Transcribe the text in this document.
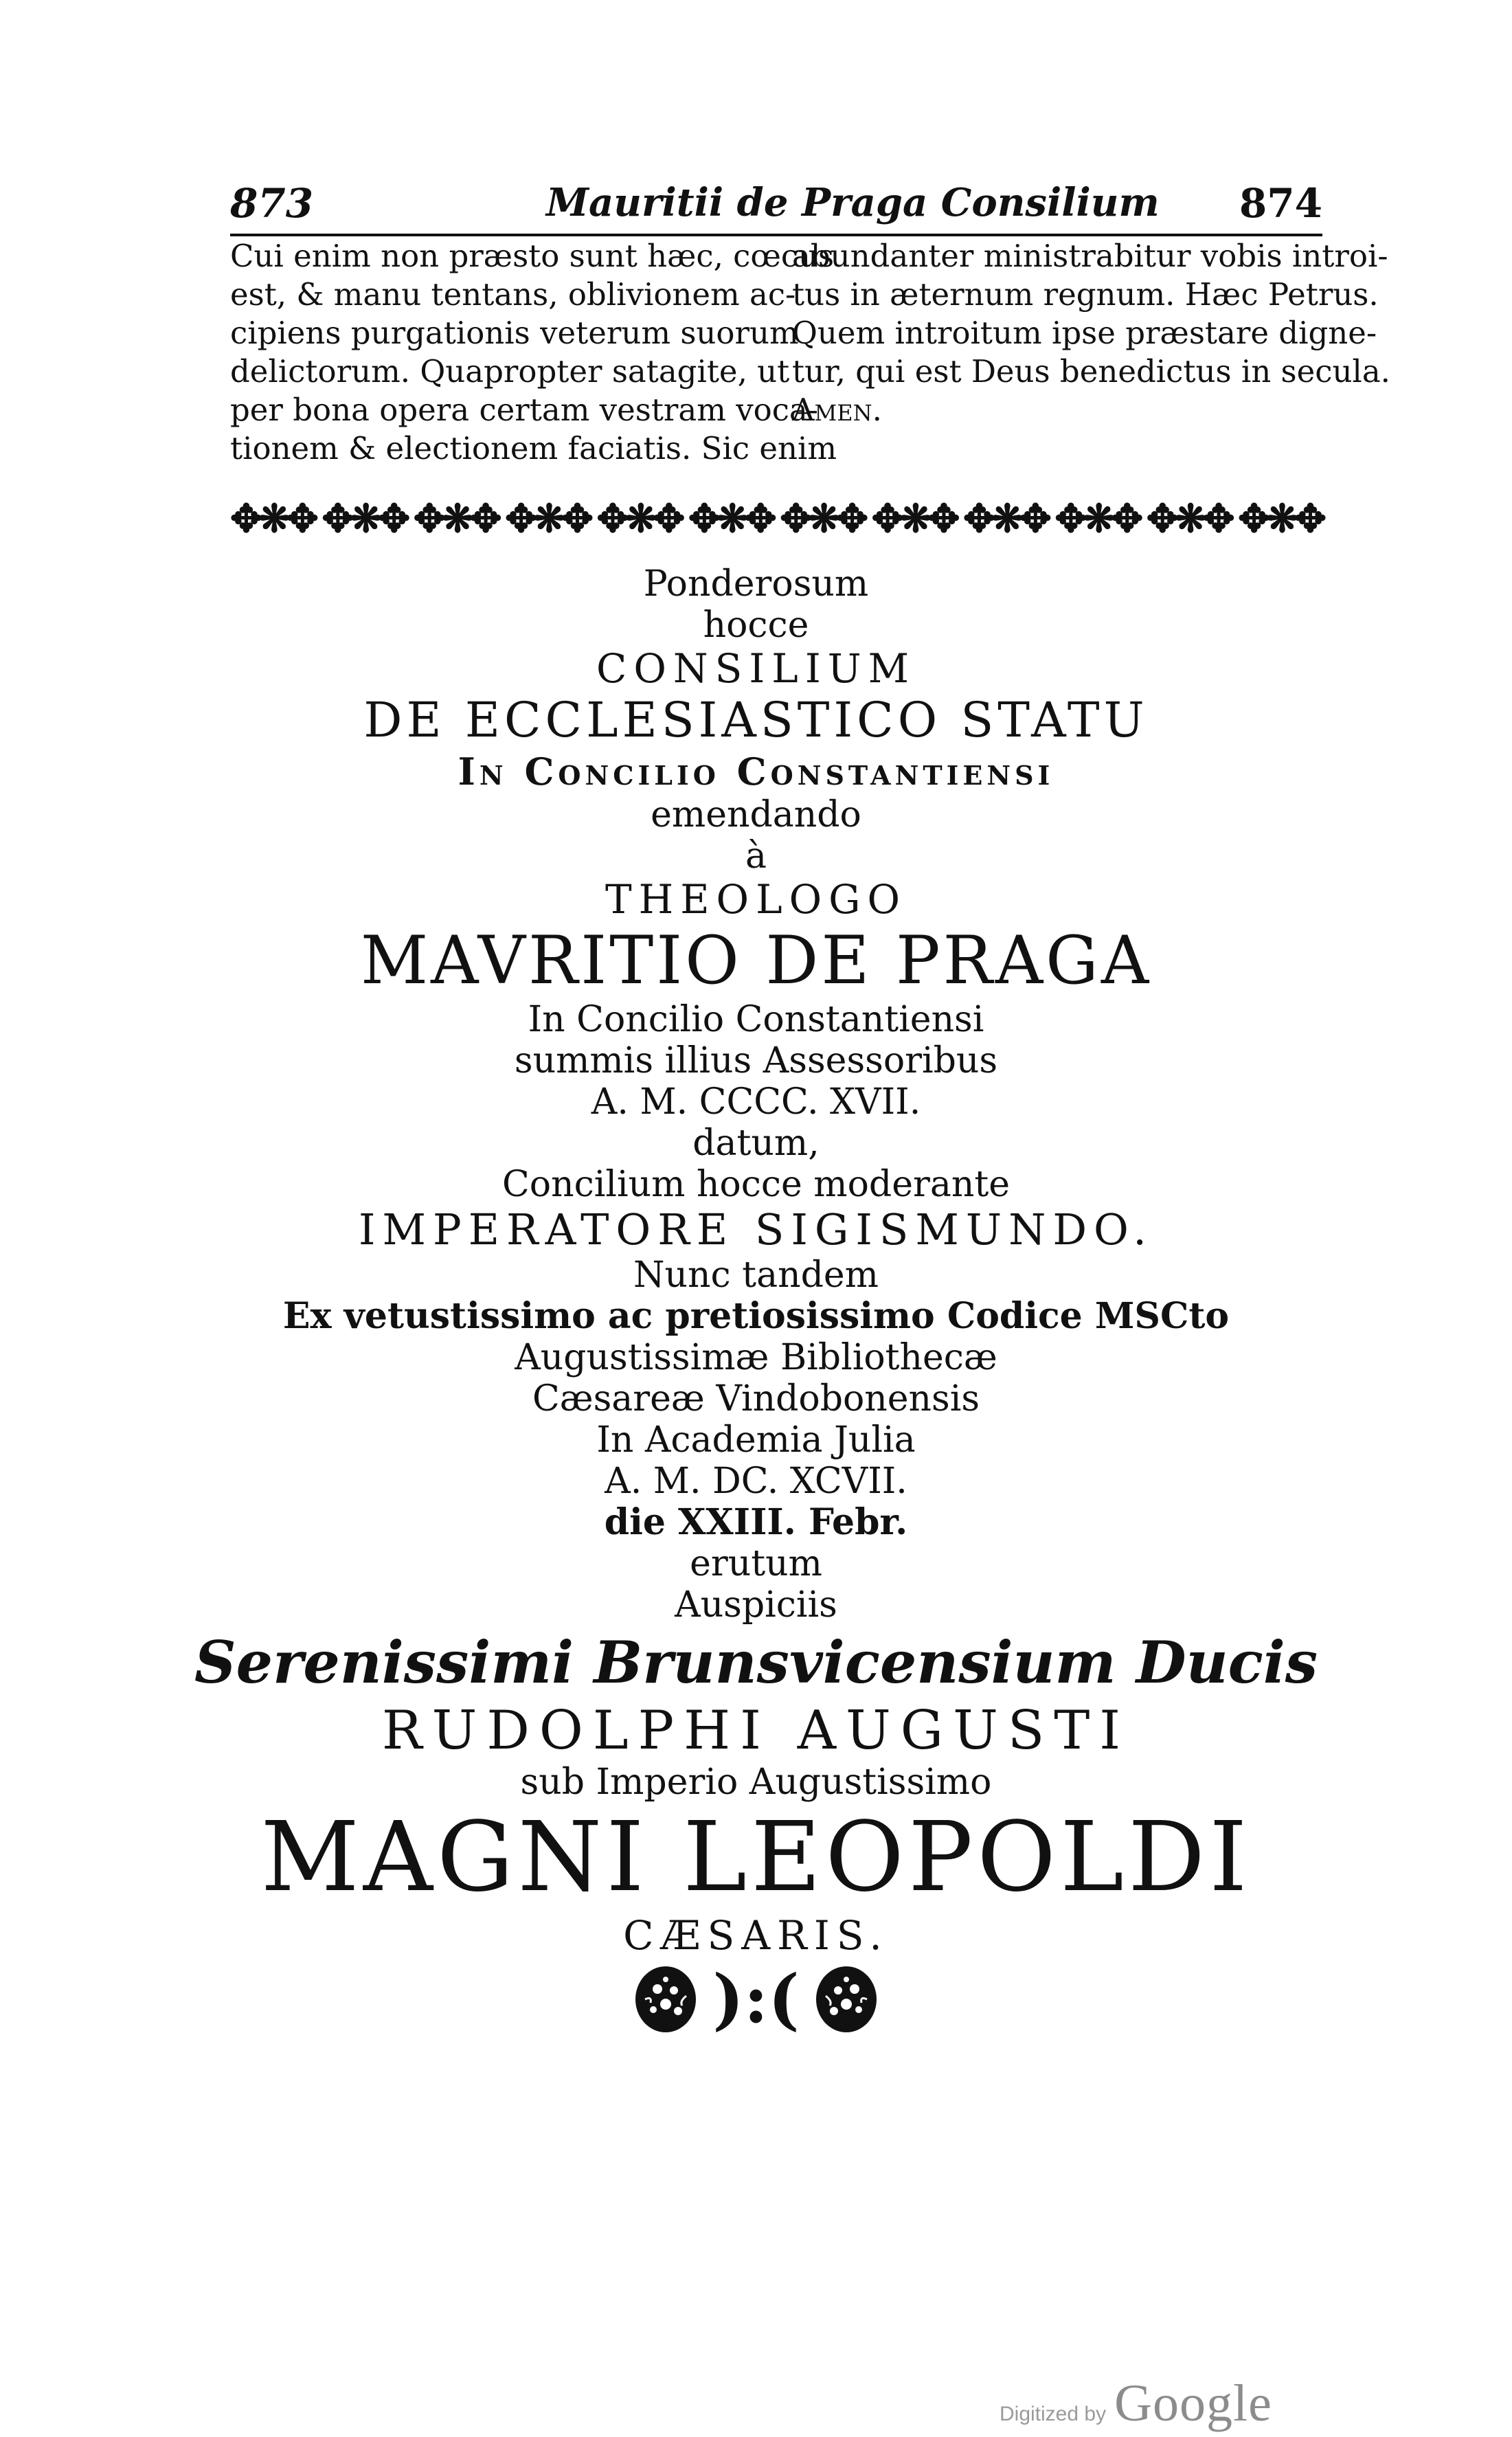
873	Mauritii de Praga Consilium 874
Cui enim non præsto sunt hæc, cœcus
est, & manu tentans, oblivionem ac-
cipiens purgationis veterum suorum
delictorum. Quapropter satagite, ut
per bona opera certam vestram voca-
tionem & electionem faciatis. Sic enim
abundanter ministrabitur vobis introi-
tus in æternum regnum. Hæc Petrus.
Quem introitum ipse præstare digne-
tur, qui est Deus benedictus in secula.
Amen.
✥❋✥ ✥❋✥ ✥❋✥ ✥❋✥ ✥❋✥ ✥❋✥ ✥❋✥ ✥❋✥ ✥❋✥ ✥❋✥ ✥❋✥ ✥❋✥
Ponderosum
hocce
CONSILIUM
DE ECCLESIASTICO STATU
In Concilio Constantiensi
emendando
à
THEOLOGO
MAVRITIO DE PRAGA
In Concilio Constantiensi
summis illius Assessoribus
A. M. CCCC. XVII.
datum,
Concilium hocce moderante
IMPERATORE SIGISMUNDO.
Nunc tandem
Ex vetustissimo ac pretiosissimo Codice MSCto
Augustissimæ Bibliothecæ
Cæsareæ Vindobonensis
In Academia Julia
A. M. DC. XCVII.
die XXIII. Febr.
erutum
Auspiciis
Serenissimi Brunsvicensium Ducis
RUDOLPHI AUGUSTI
sub Imperio Augustissimo
MAGNI LEOPOLDI
CÆSARIS.
):(
Digitized by Google
